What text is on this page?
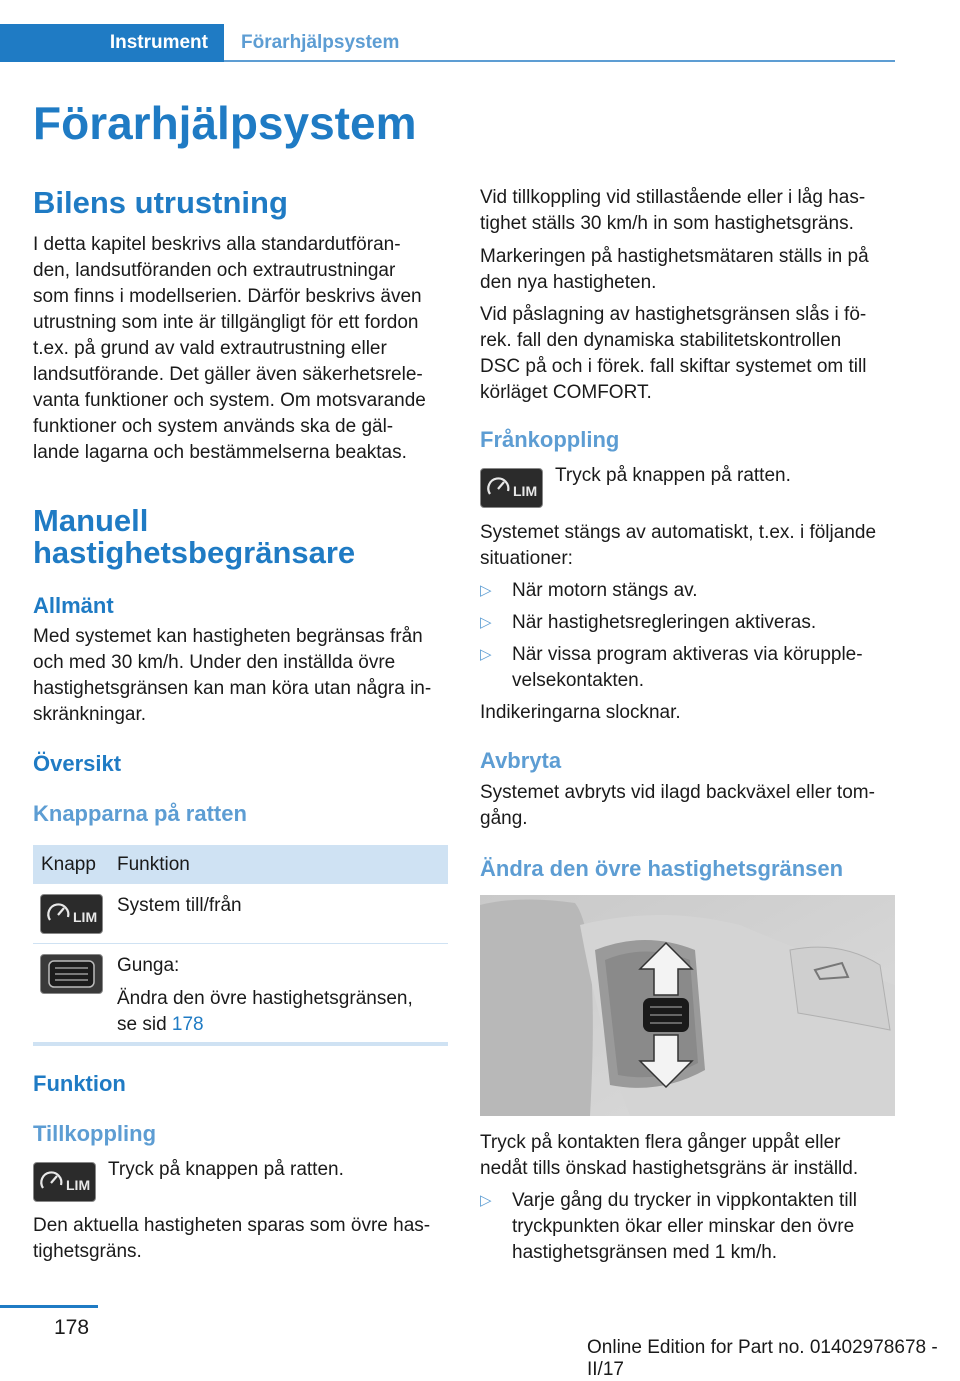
Instrument Förarhjälpsystem
Förarhjälpsystem
Bilens utrustning

I detta kapitel beskrivs alla standardutföran‐

den, landsutföranden och extrautrustningar

som finns i modellserien. Därför beskrivs även

utrustning som inte är tillgängligt för ett fordon

t.ex. på grund av vald extrautrustning eller

landsutförande. Det gäller även säkerhetsrele‐

vanta funktioner och system. Om motsvarande

funktioner och system används ska de gäl‐

lande lagarna och bestämmelserna beaktas.

Manuell
hastighetsbegränsare
Allmänt

Med systemet kan hastigheten begränsas från

och med 30 km/h. Under den inställda övre

hastighetsgränsen kan man köra utan några in‐

skränkningar.

Översikt
Knapparna på ratten
Knapp Funktion
LIM
System till/från
Gunga:
Ändra den övre hastighetsgränsen,
se sid 178
Funktion
Tillkoppling
LIM

Tryck på knappen på ratten.

Den aktuella hastigheten sparas som övre has‐

tighetsgräns.

Vid tillkoppling vid stillastående eller i låg has‐

tighet ställs 30 km/h in som hastighetsgräns.

Markeringen på hastighetsmätaren ställs in på

den nya hastigheten.

Vid påslagning av hastighetsgränsen slås i fö‐

rek. fall den dynamiska stabilitetskontrollen

DSC på och i förek. fall skiftar systemet om till

körläget COMFORT.

Frånkoppling
LIM

Tryck på knappen på ratten.

Systemet stängs av automatiskt, t.ex. i följande

situationer:

▷ När motorn stängs av.
▷ När hastighetsregleringen aktiveras.
▷ När vissa program aktiveras via körupple‐
velsekontakten.

Indikeringarna slocknar.

Avbryta

Systemet avbryts vid ilagd backväxel eller tom‐

gång.

Ändra den övre hastighetsgränsen

Tryck på kontakten flera gånger uppåt eller

nedåt tills önskad hastighetsgräns är inställd.

▷ Varje gång du trycker in vippkontakten till
tryckpunkten ökar eller minskar den övre
hastighetsgränsen med 1 km/h.
178
Online Edition for Part no. 01402978678 - II/17
